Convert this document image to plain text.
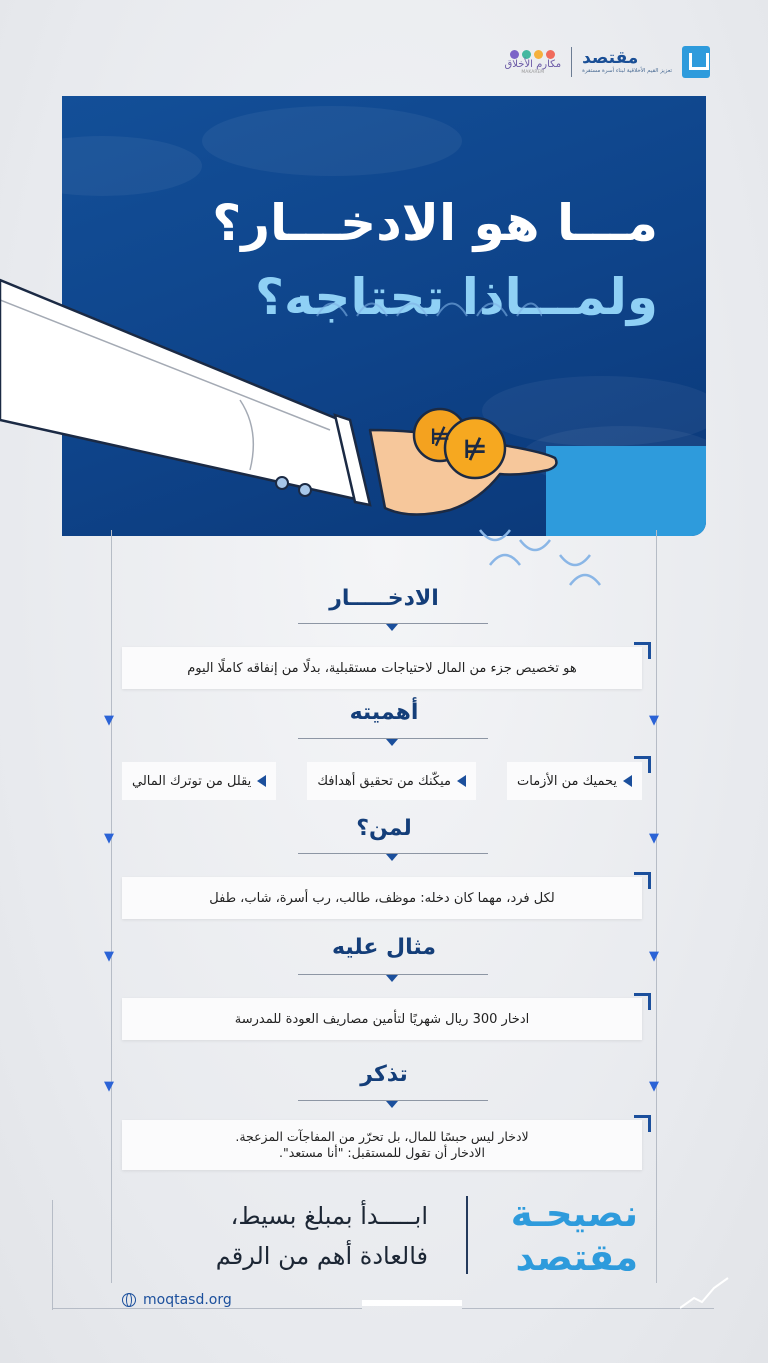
مقتصد
تعزيز القيم الأخلاقية لبناء أسرة مستقرة
مكارم الأخلاق
MAKAREM
مـــا هو الادخـــار؟
ولمـــاذا تحتاجه؟
⊭ ⊭
▼	▼
▼	▼
▼	▼
▼	▼
الادخـــــار
هو تخصيص جزء من المال لاحتياجات مستقبلية، بدلًا من إنفاقه كاملًا اليوم
أهميته
يحميك من الأزمات
ميكّنك من تحقيق أهدافك
يقلل من توترك المالي
لمن؟
لكل فرد، مهما كان دخله: موظف، طالب، رب أسرة، شاب، طفل
مثال عليه
ادخار 300 ريال شهريًا لتأمين مصاريف العودة للمدرسة
تذكر
لادخار ليس حبسًا للمال، بل تحرّر من المفاجآت المزعجة.
الادخار أن تقول للمستقبل: "أنا مستعد".
نصيحـة
مقتصد
ابـــــدأ بمبلغ بسيط،
فالعادة أهم من الرقم
moqtasd.org
